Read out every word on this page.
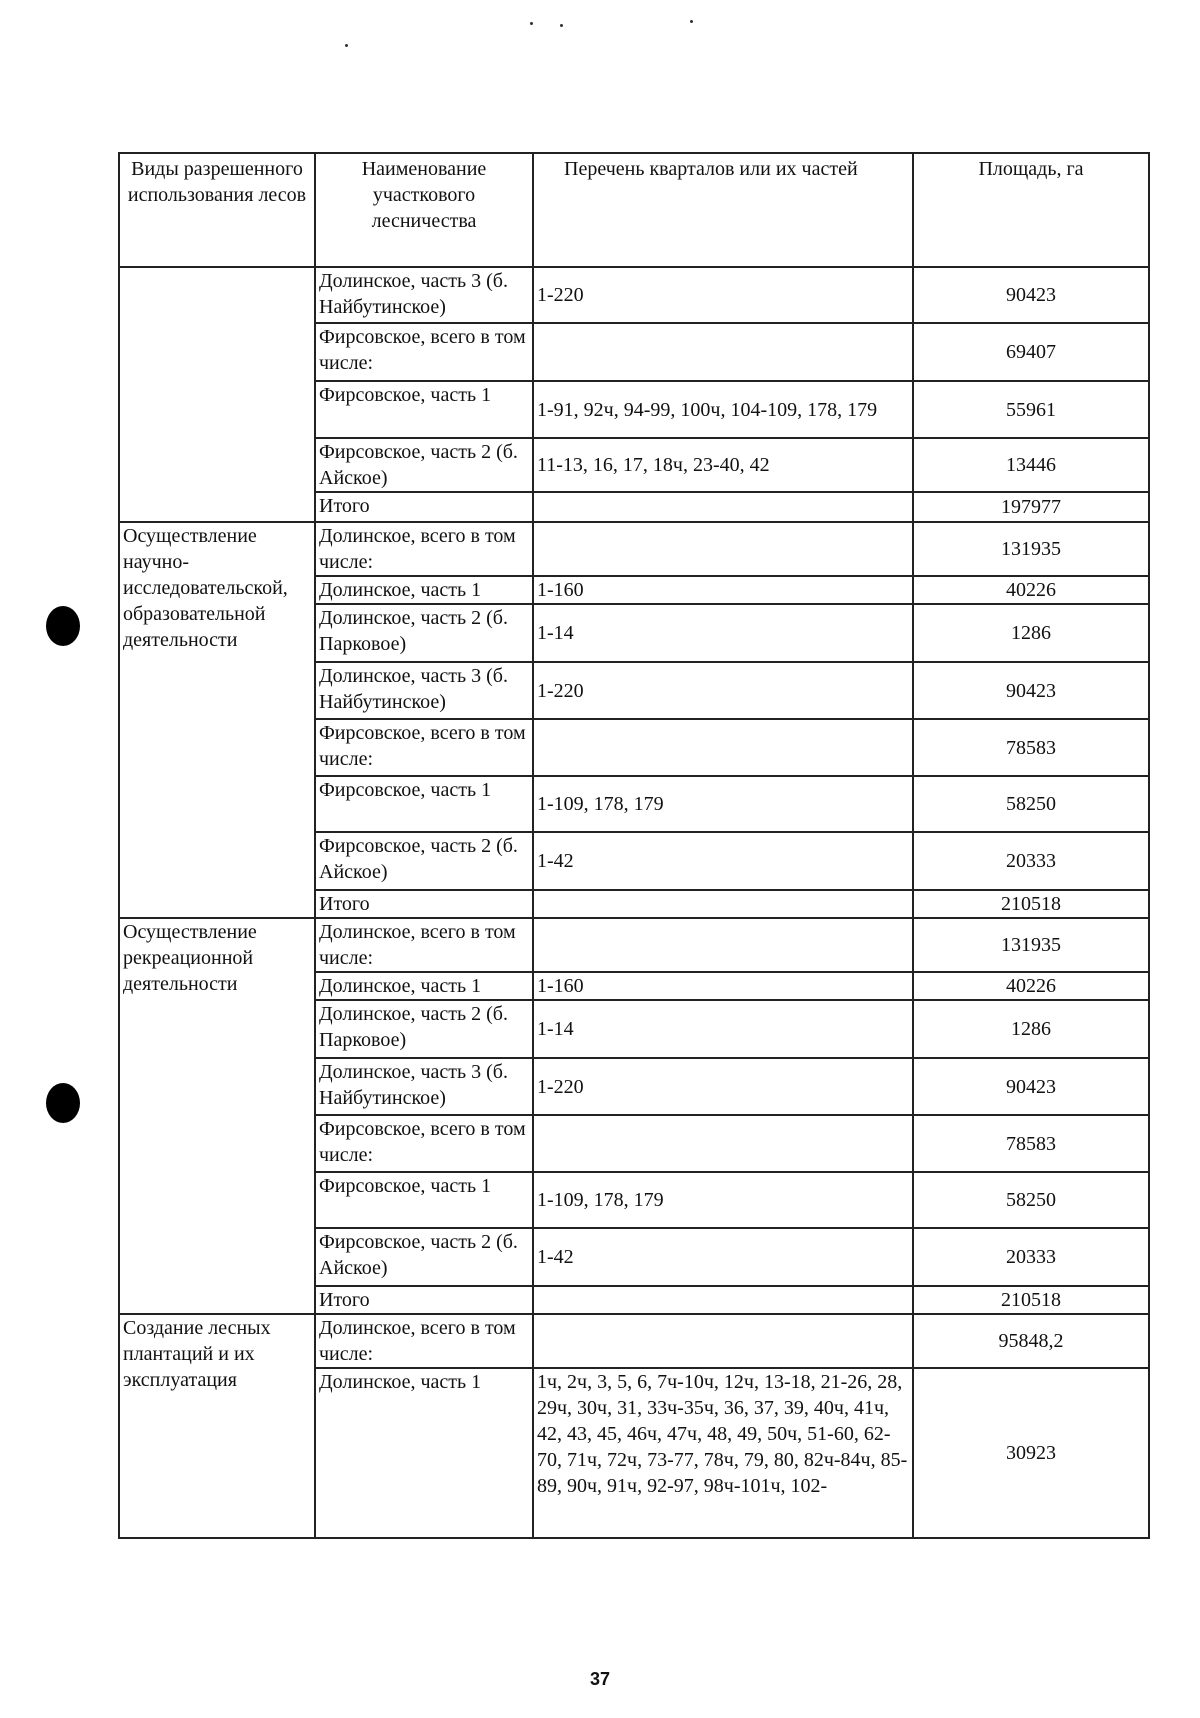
Виды разрешенного использования лесов	Наименование участкового лесничества	Перечень кварталов или их частей	Площадь, га
	Долинское, часть 3 (б. Найбутинское)	1-220	90423
	Фирсовское, всего в том числе:		69407
	Фирсовское, часть 1	1-91, 92ч, 94-99, 100ч, 104-109, 178, 179	55961
	Фирсовское, часть 2 (б. Айское)	11-13, 16, 17, 18ч, 23-40, 42	13446
	Итого		197977
Осуществление научно-исследовательской, образовательной деятельности	Долинское, всего в том числе:		131935
	Долинское, часть 1	1-160	40226
	Долинское, часть 2 (б. Парковое)	1-14	1286
	Долинское, часть 3 (б. Найбутинское)	1-220	90423
	Фирсовское, всего в том числе:		78583
	Фирсовское, часть 1	1-109, 178, 179	58250
	Фирсовское, часть 2 (б. Айское)	1-42	20333
	Итого		210518
Осуществление рекреационной деятельности	Долинское, всего в том числе:		131935
	Долинское, часть 1	1-160	40226
	Долинское, часть 2 (б. Парковое)	1-14	1286
	Долинское, часть 3 (б. Найбутинское)	1-220	90423
	Фирсовское, всего в том числе:		78583
	Фирсовское, часть 1	1-109, 178, 179	58250
	Фирсовское, часть 2 (б. Айское)	1-42	20333
	Итого		210518
Создание лесных плантаций и их эксплуатация	Долинское, всего в том числе:		95848,2
	Долинское, часть 1	1ч, 2ч, 3, 5, 6, 7ч-10ч, 12ч, 13-18, 21-26, 28, 29ч, 30ч, 31, 33ч-35ч, 36, 37, 39, 40ч, 41ч, 42, 43, 45, 46ч, 47ч, 48, 49, 50ч, 51-60, 62-70, 71ч, 72ч, 73-77, 78ч, 79, 80, 82ч-84ч, 85-89, 90ч, 91ч, 92-97, 98ч-101ч, 102-	30923
37
